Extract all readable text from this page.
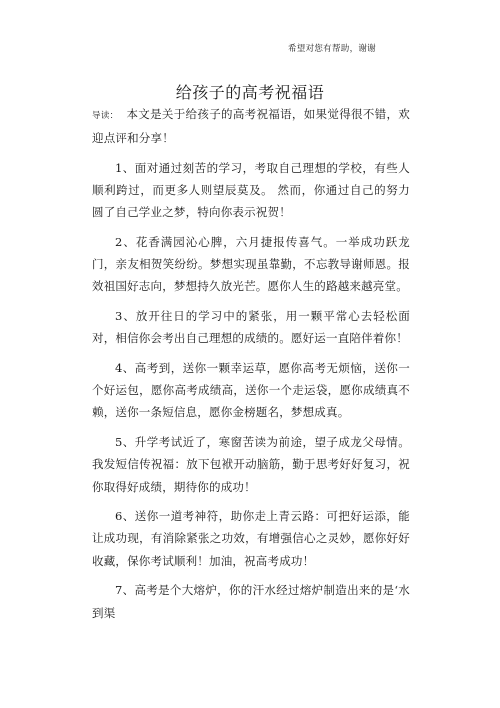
希望对您有帮助，谢谢
给孩子的高考祝福语

导读： 本文是关于给孩子的高考祝福语，如果觉得很不错，欢迎点评和分享！

1、面对通过刻苦的学习，考取自己理想的学校，有些人顺利跨过，而更多人则望辰莫及。 然而，你通过自己的努力圆了自己学业之梦，特向你表示祝贺！

2、花香满园沁心脾，六月捷报传喜气。一举成功跃龙门，亲友相贺笑纷纷。梦想实现虽靠勤，不忘教导谢师恩。报效祖国好志向，梦想持久放光芒。愿你人生的路越来越亮堂。

3、放开往日的学习中的紧张，用一颗平常心去轻松面对，相信你会考出自己理想的成绩的。愿好运一直陪伴着你！

4、高考到，送你一颗幸运草，愿你高考无烦恼，送你一个好运包，愿你高考成绩高，送你一个走运袋，愿你成绩真不赖，送你一条短信息，愿你金榜题名，梦想成真。

5、升学考试近了，寒窗苦读为前途，望子成龙父母情。我发短信传祝福：放下包袱开动脑筋，勤于思考好好复习，祝你取得好成绩，期待你的成功！

6、送你一道考神符，助你走上青云路：可把好运添，能让成功现，有消除紧张之功效，有增强信心之灵妙，愿你好好收藏，保你考试顺利！加油，祝高考成功！

7、高考是个大熔炉，你的汗水经过熔炉制造出来的是‘水到渠
